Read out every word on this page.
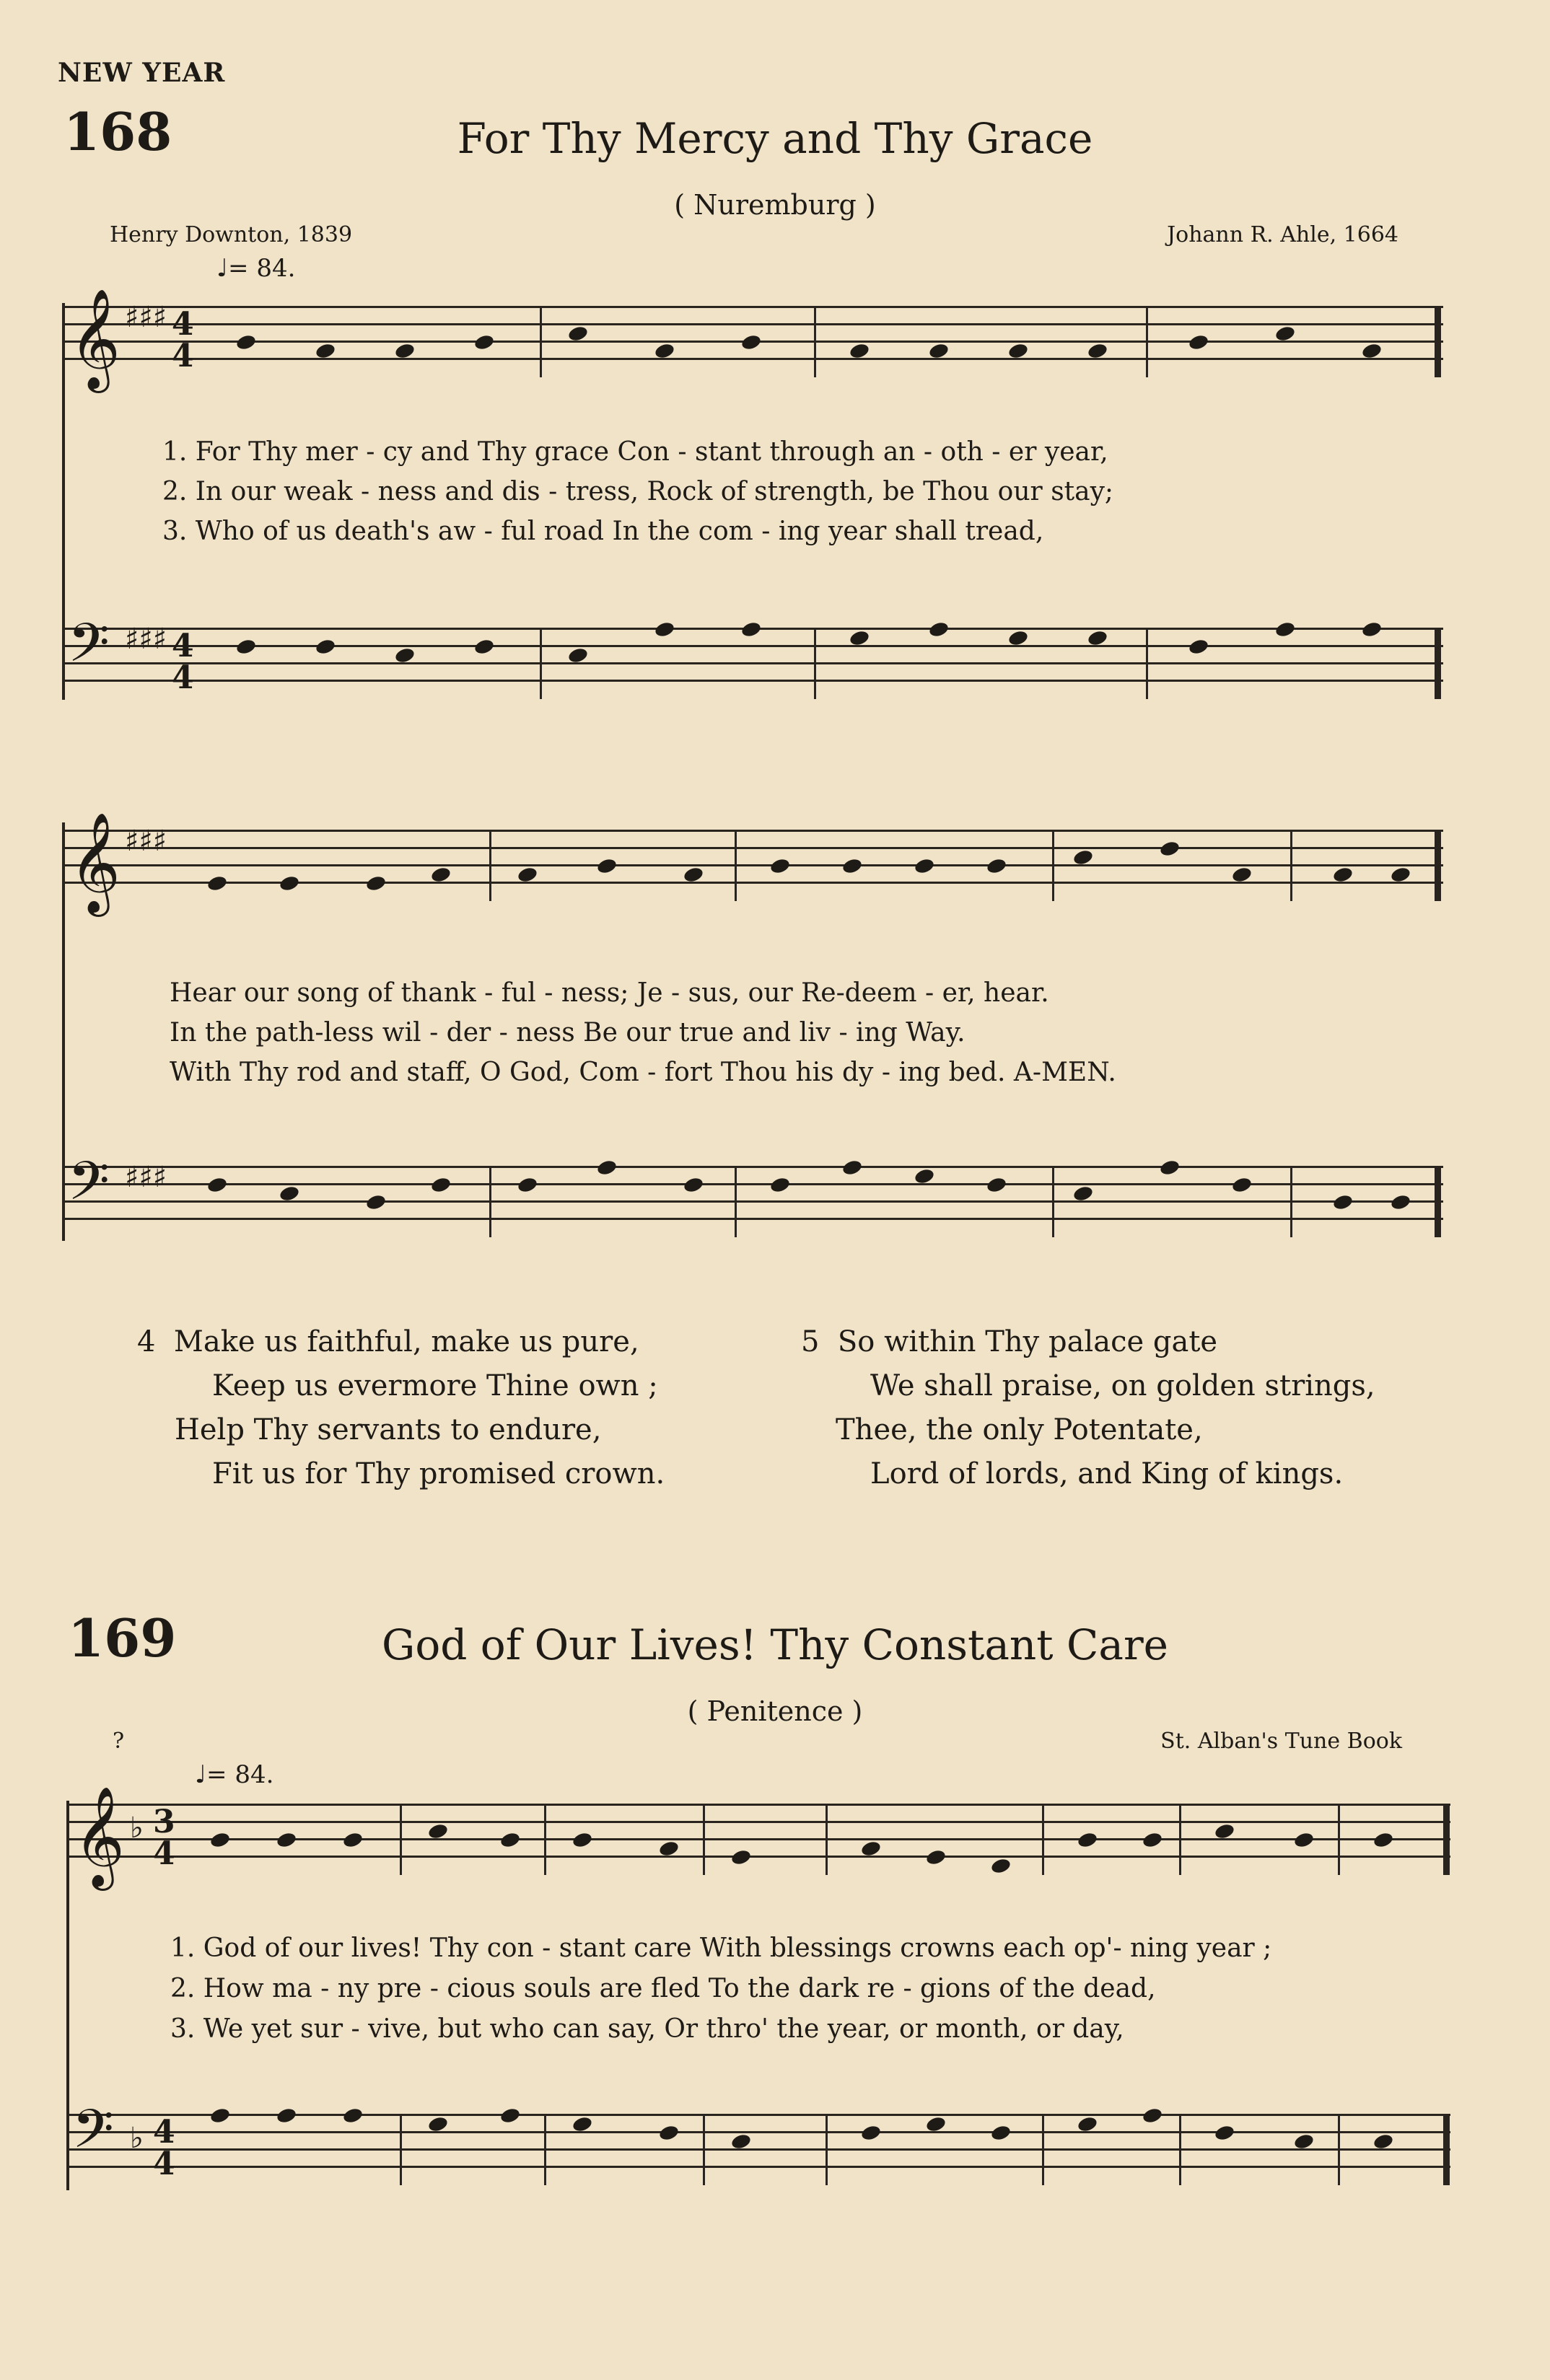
NEW YEAR
168	For Thy Mercy and Thy Grace
( Nuremburg )
Henry Downton, 1839	Johann R. Ahle, 1664
♩= 84.
𝄞 ♯♯♯ 4
4
1. For Thy mer - cy and Thy grace Con - stant through an - oth - er year,
2. In our weak - ness and dis - tress, Rock of strength, be Thou our stay;
3. Who of us death's aw - ful road In the com - ing year shall tread,
𝄢 ♯♯♯ 4
4
𝄞 ♯♯♯
Hear our song of thank - ful - ness; Je - sus, our Re-deem - er, hear.
In the path-less wil - der - ness Be our true and liv - ing Way.
With Thy rod and staff, O God, Com - fort Thou his dy - ing bed. A-MEN.
𝄢 ♯♯♯
4 Make us faithful, make us pure,
Keep us evermore Thine own ;
Help Thy servants to endure,
Fit us for Thy promised crown.
5 So within Thy palace gate
We shall praise, on golden strings,
Thee, the only Potentate,
Lord of lords, and King of kings.
169	God of Our Lives! Thy Constant Care
( Penitence )
?	St. Alban's Tune Book
♩= 84.
𝄞 ♭ 3
4
1. God of our lives! Thy con - stant care With blessings crowns each op'- ning year ;
2. How ma - ny pre - cious souls are fled To the dark re - gions of the dead,
3. We yet sur - vive, but who can say, Or thro' the year, or month, or day,
𝄢 ♭ 4
4
